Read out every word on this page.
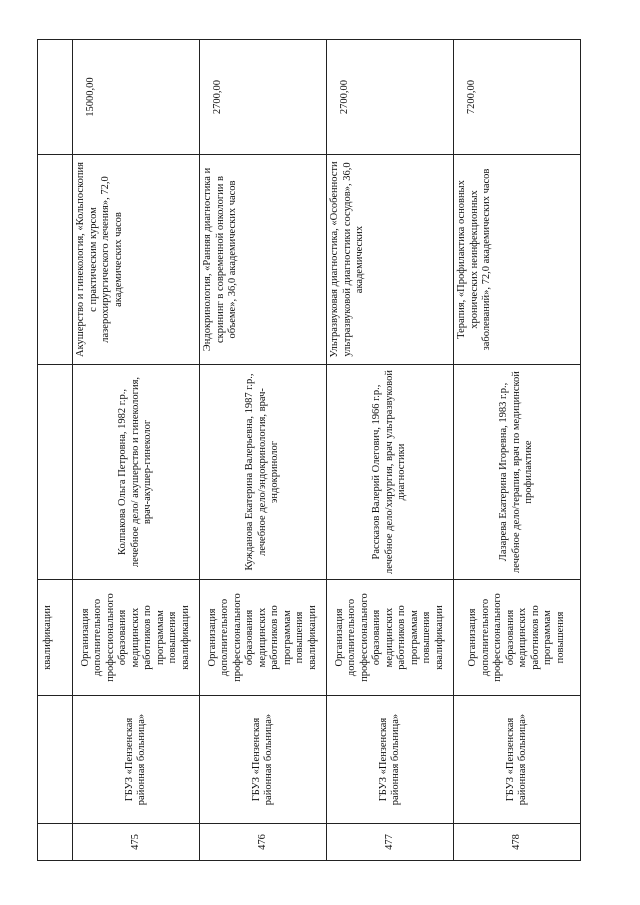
		квалификации			
475	ГБУЗ «Пензенская районная больница»	Организация дополнительного профессионального образования медицинских работников по программам повышения квалификации	Колпакова Ольга Петровна, 1982 г.р., лечебное дело/ акушерство и гинекология, врач-акушер-гинеколог	Акушерство и гинекология, «Кольпоскопия с практическим курсом лазерохирургического лечения», 72,0 академических часов	15000,00
476	ГБУЗ «Пензенская районная больница»	Организация дополнительного профессионального образования медицинских работников по программам повышения квалификации	Кужданова Екатерина Валерьевна, 1987 г.р., лечебное дело/эндокринология, врач-эндокринолог	Эндокринология, «Ранняя диагностика и скрининг в современной онкологии в объеме», 36,0 академических часов	2700,00
477	ГБУЗ «Пензенская районная больница»	Организация дополнительного профессионального образования медицинских работников по программам повышения квалификации	Рассказов Валерий Олегович, 1966 г.р., лечебное дело/хирургия, врач ультразвуковой диагностики	Ультразвуковая диагностика, «Особенности ультразвуковой диагностики сосудов», 36,0 академических	2700,00
478	ГБУЗ «Пензенская районная больница»	Организация дополнительного профессионального образования медицинских работников по программам повышения	Лазарева Екатерина Игоревна, 1983 г.р., лечебное дело/терапия, врач по медицинской профилактике	Терапия, «Профилактика основных хронических неинфекционных заболеваний», 72,0 академических часов	7200,00
